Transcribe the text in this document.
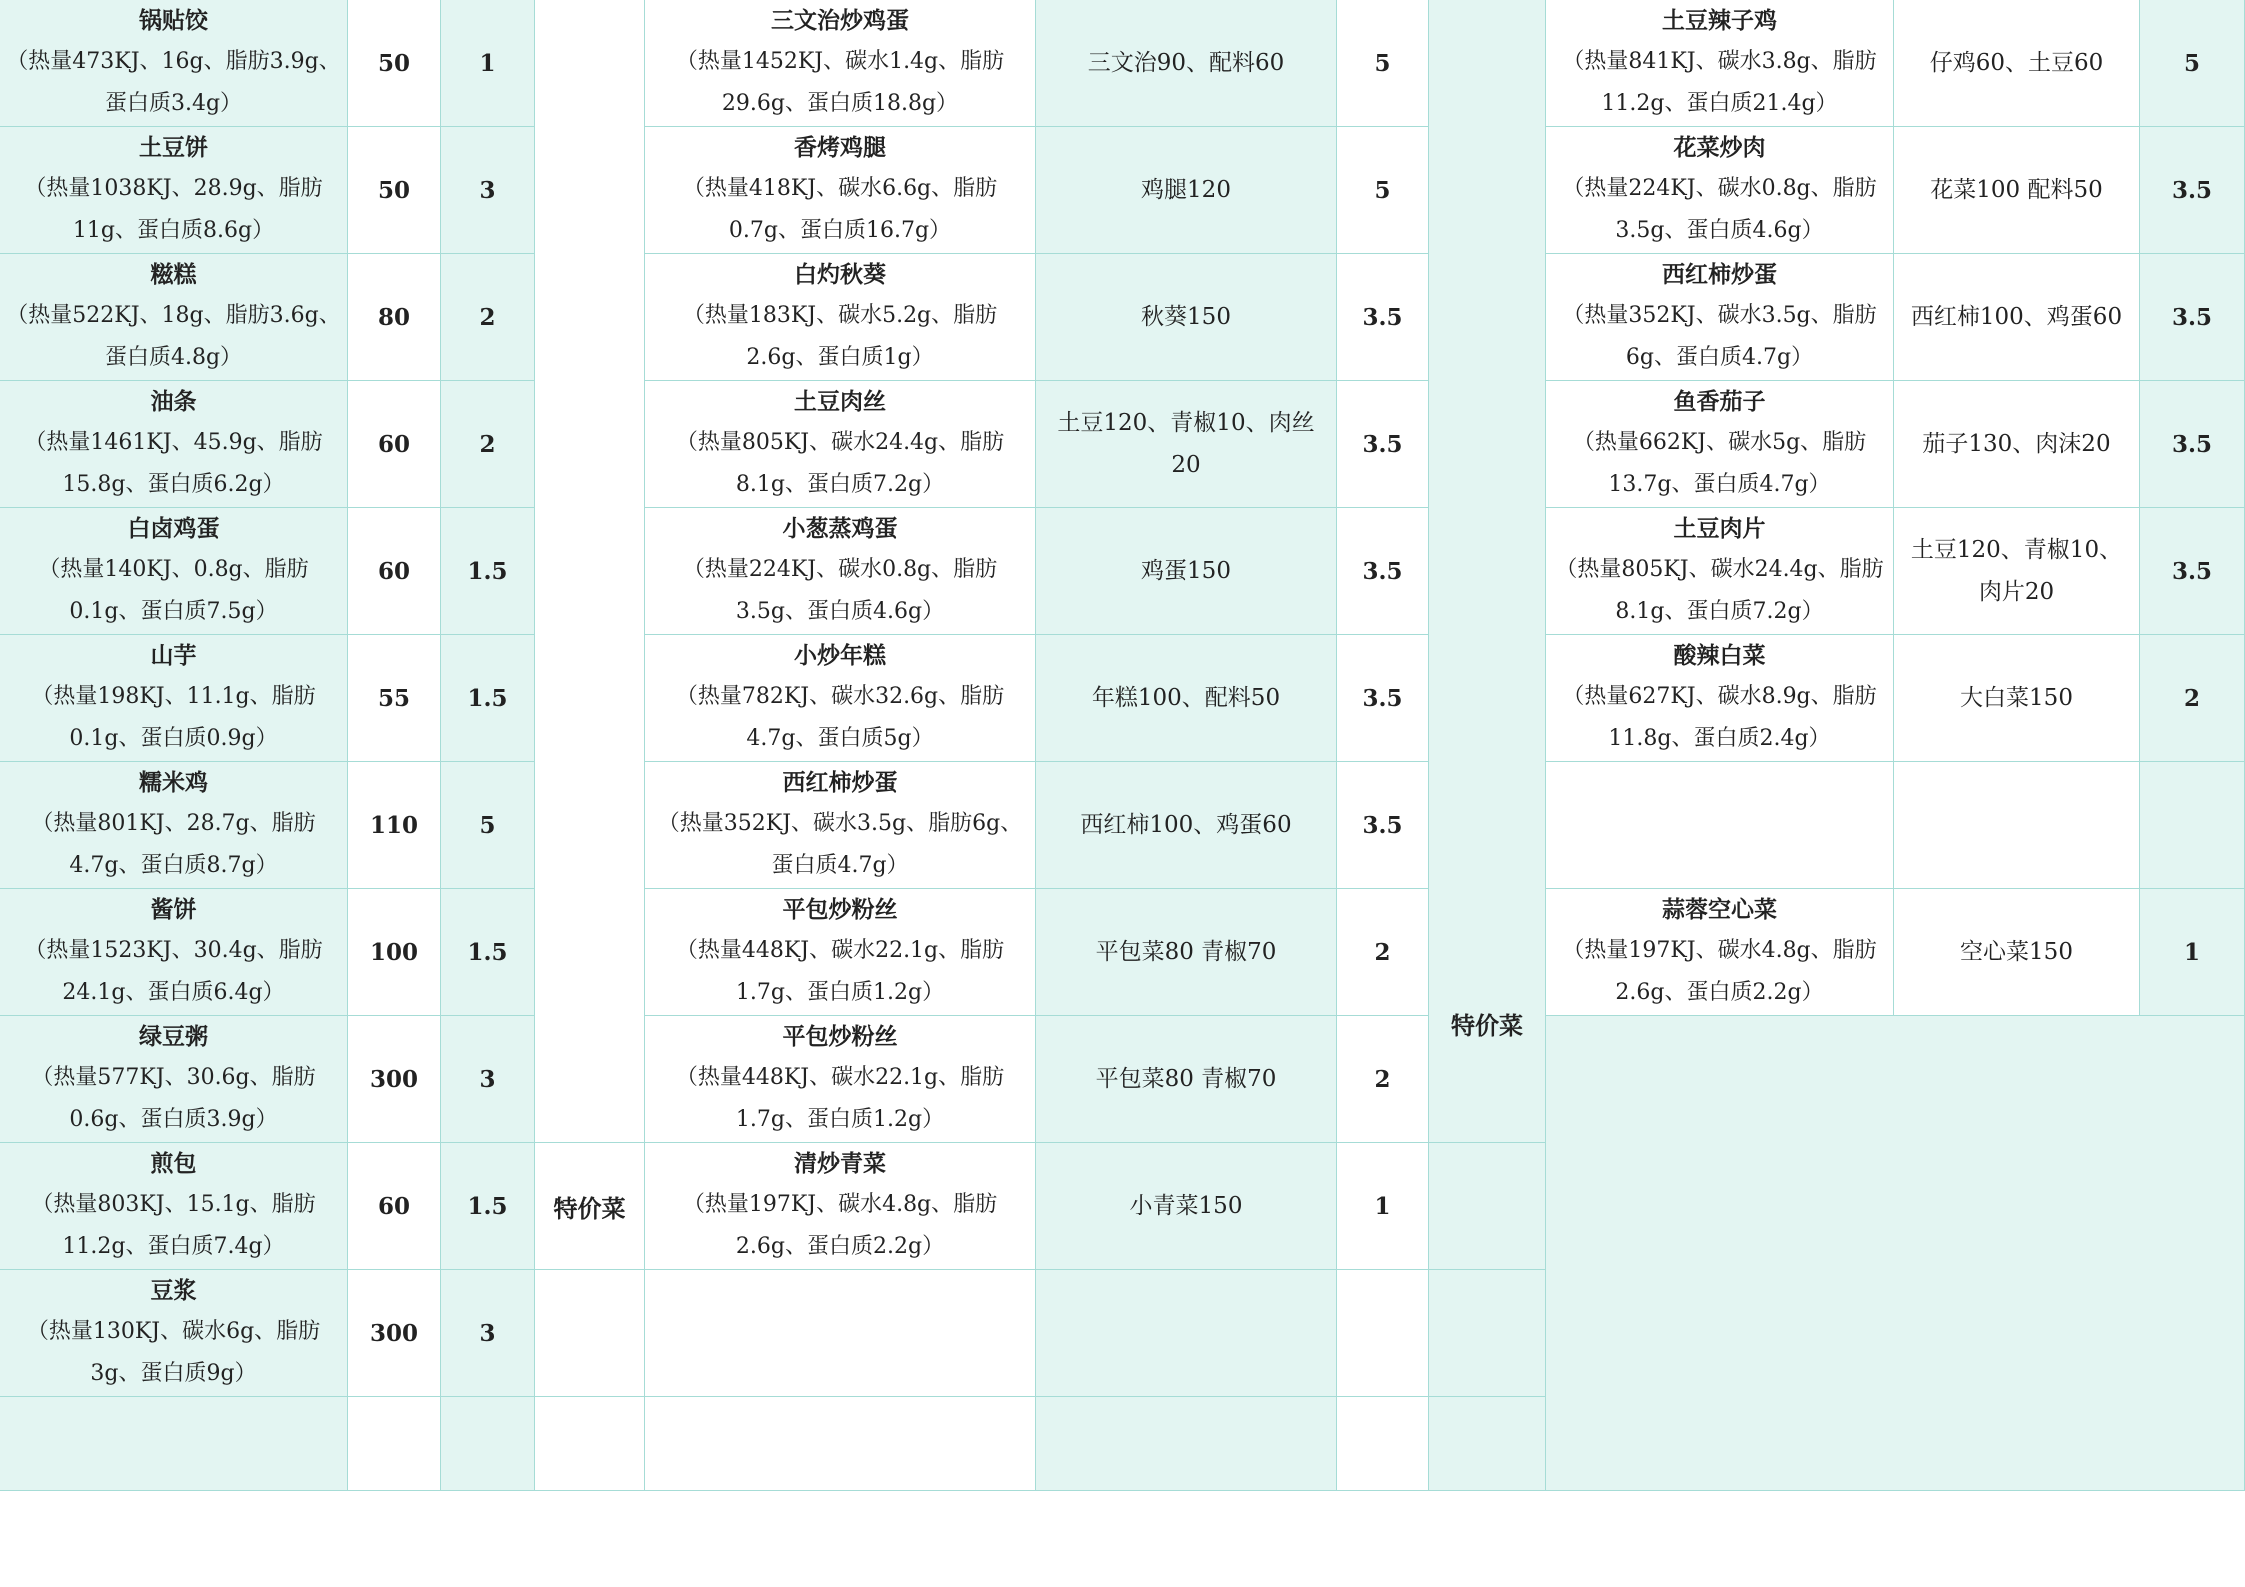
锅贴饺
（热量473KJ、16g、脂肪3.9g、蛋白质3.4g）
50	1
土豆饼
（热量1038KJ、28.9g、脂肪11g、蛋白质8.6g）
50	3
糍糕
（热量522KJ、18g、脂肪3.6g、蛋白质4.8g）
80	2
油条
（热量1461KJ、45.9g、脂肪15.8g、蛋白质6.2g）
60	2
白卤鸡蛋
（热量140KJ、0.8g、脂肪0.1g、蛋白质7.5g）
60 1.5
山芋
（热量198KJ、11.1g、脂肪0.1g、蛋白质0.9g）
55 1.5
糯米鸡
（热量801KJ、28.7g、脂肪4.7g、蛋白质8.7g）
110	5
酱饼
（热量1523KJ、30.4g、脂肪24.1g、蛋白质6.4g）
100 1.5
绿豆粥
（热量577KJ、30.6g、脂肪0.6g、蛋白质3.9g）
300	3
煎包
（热量803KJ、15.1g、脂肪11.2g、蛋白质7.4g）
60 1.5
豆浆
（热量130KJ、碳水6g、脂肪3g、蛋白质9g）
300	3
特价菜
三文治炒鸡蛋
（热量1452KJ、碳水1.4g、脂肪29.6g、蛋白质18.8g）
三文治90、配料60	5
香烤鸡腿
（热量418KJ、碳水6.6g、脂肪0.7g、蛋白质16.7g）
鸡腿120	5
白灼秋葵
（热量183KJ、碳水5.2g、脂肪2.6g、蛋白质1g）
秋葵150	3.5
土豆肉丝
（热量805KJ、碳水24.4g、脂肪8.1g、蛋白质7.2g）
土豆120、青椒10、肉丝20
3.5
小葱蒸鸡蛋
（热量224KJ、碳水0.8g、脂肪3.5g、蛋白质4.6g）
鸡蛋150	3.5
小炒年糕
（热量782KJ、碳水32.6g、脂肪4.7g、蛋白质5g）
年糕100、配料50	3.5
西红柿炒蛋
（热量352KJ、碳水3.5g、脂肪6g、蛋白质4.7g）
西红柿100、鸡蛋60	3.5
平包炒粉丝
（热量448KJ、碳水22.1g、脂肪1.7g、蛋白质1.2g）
平包菜80 青椒70	2
平包炒粉丝
（热量448KJ、碳水22.1g、脂肪1.7g、蛋白质1.2g）
平包菜80 青椒70	2
清炒青菜
（热量197KJ、碳水4.8g、脂肪2.6g、蛋白质2.2g）
小青菜150	1
特价菜
土豆辣子鸡
（热量841KJ、碳水3.8g、脂肪11.2g、蛋白质21.4g）
仔鸡60、土豆60	5
花菜炒肉
（热量224KJ、碳水0.8g、脂肪3.5g、蛋白质4.6g）
花菜100 配料50	3.5
西红柿炒蛋
（热量352KJ、碳水3.5g、脂肪6g、蛋白质4.7g）
西红柿100、鸡蛋60	3.5
鱼香茄子
（热量662KJ、碳水5g、脂肪13.7g、蛋白质4.7g）
茄子130、肉沫20	3.5
土豆肉片
（热量805KJ、碳水24.4g、脂肪8.1g、蛋白质7.2g）
土豆120、青椒10、肉片20
3.5
酸辣白菜
（热量627KJ、碳水8.9g、脂肪11.8g、蛋白质2.4g）
大白菜150	2
蒜蓉空心菜
（热量197KJ、碳水4.8g、脂肪2.6g、蛋白质2.2g）
空心菜150	1
